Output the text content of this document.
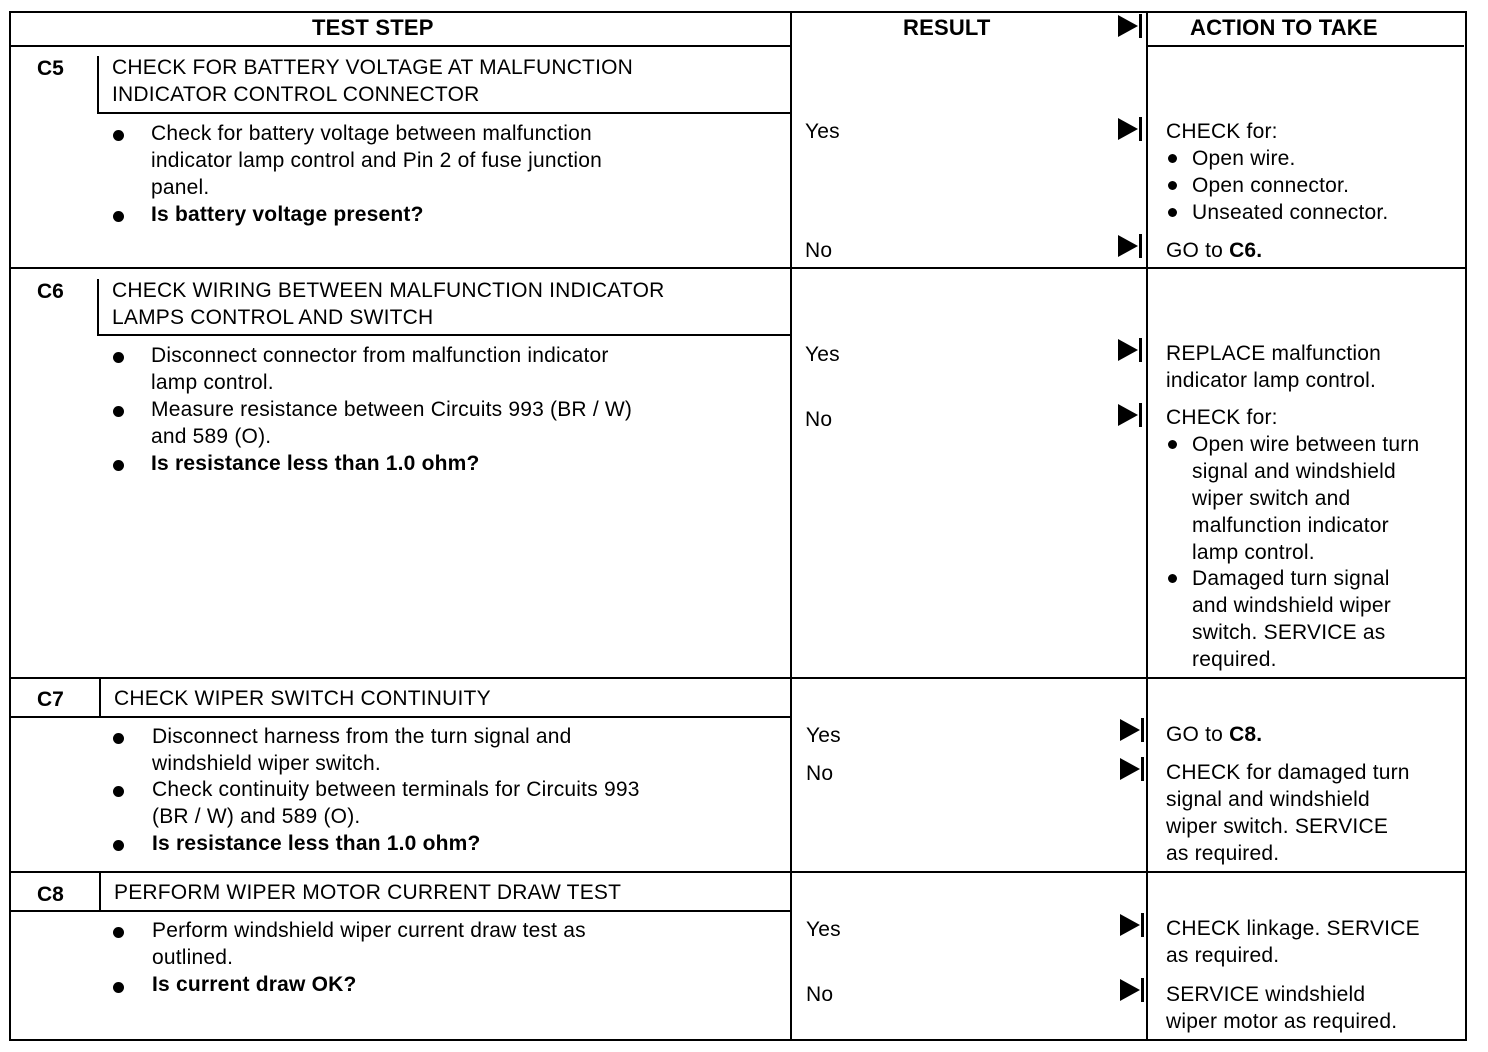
TEST STEP	RESULT	ACTION TO TAKE
C5 CHECK FOR BATTERY VOLTAGE AT MALFUNCTION
INDICATOR CONTROL CONNECTOR
Check for battery voltage between malfunction
indicator lamp control and Pin 2 of fuse junction
panel.
Is battery voltage present?
Yes	CHECK for:
Open wire.
Open connector.
Unseated connector.
No	GO to C6.
C6 CHECK WIRING BETWEEN MALFUNCTION INDICATOR
LAMPS CONTROL AND SWITCH
Disconnect connector from malfunction indicator
lamp control.
Measure resistance between Circuits 993 (BR / W)
and 589 (O).
Is resistance less than 1.0 ohm?
Yes	REPLACE malfunction
indicator lamp control.
No	CHECK for:
Open wire between turn
signal and windshield
wiper switch and
malfunction indicator
lamp control.
Damaged turn signal
and windshield wiper
switch. SERVICE as
required.
C7 CHECK WIPER SWITCH CONTINUITY
Disconnect harness from the turn signal and
windshield wiper switch.
Check continuity between terminals for Circuits 993
(BR / W) and 589 (O).
Is resistance less than 1.0 ohm?
Yes	GO to C8.
No	CHECK for damaged turn
signal and windshield
wiper switch. SERVICE
as required.
C8 PERFORM WIPER MOTOR CURRENT DRAW TEST
Perform windshield wiper current draw test as
outlined.
Is current draw OK?
Yes	CHECK linkage. SERVICE
as required.
No	SERVICE windshield
wiper motor as required.
